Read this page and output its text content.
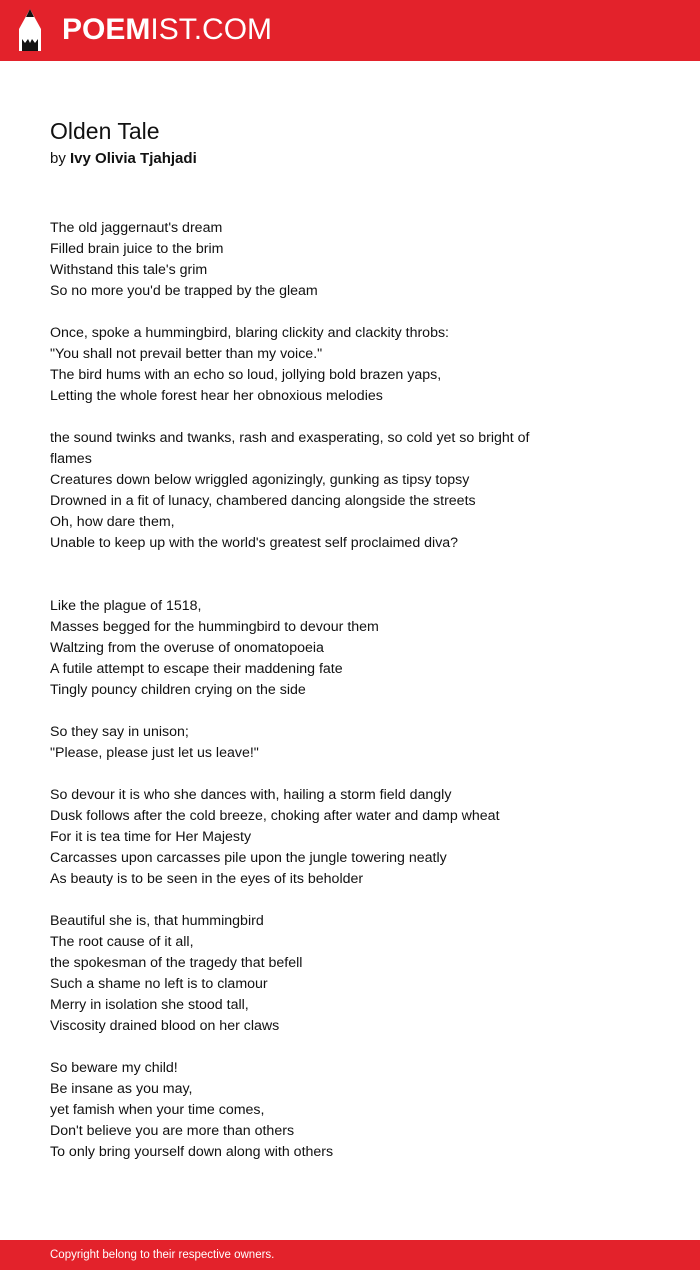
POEMIST.COM
Olden Tale
by Ivy Olivia Tjahjadi
The old jaggernaut's dream
Filled brain juice to the brim
Withstand this tale's grim
So no more you'd be trapped by the gleam
Once, spoke a hummingbird, blaring clickity and clackity throbs:
"You shall not prevail better than my voice."
The bird hums with an echo so loud, jollying bold brazen yaps,
Letting the whole forest hear her obnoxious melodies
the sound twinks and twanks, rash and exasperating, so cold yet so bright of flames
Creatures down below wriggled agonizingly, gunking as tipsy topsy
Drowned in a fit of lunacy, chambered dancing alongside the streets
Oh, how dare them,
Unable to keep up with the world's greatest self proclaimed diva?
Like the plague of 1518,
Masses begged for the hummingbird to devour them
Waltzing from the overuse of onomatopoeia
A futile attempt to escape their maddening fate
Tingly pouncy children crying on the side
So they say in unison;
"Please, please just let us leave!"
So devour it is who she dances with, hailing a storm field dangly
Dusk follows after the cold breeze, choking after water and damp wheat
For it is tea time for Her Majesty
Carcasses upon carcasses pile upon the jungle towering neatly
As beauty is to be seen in the eyes of its beholder
Beautiful she is, that hummingbird
The root cause of it all,
the spokesman of the tragedy that befell
Such a shame no left is to clamour
Merry in isolation she stood tall,
Viscosity drained blood on her claws
So beware my child!
Be insane as you may,
yet famish when your time comes,
Don't believe you are more than others
To only bring yourself down along with others
Copyright belong to their respective owners.
